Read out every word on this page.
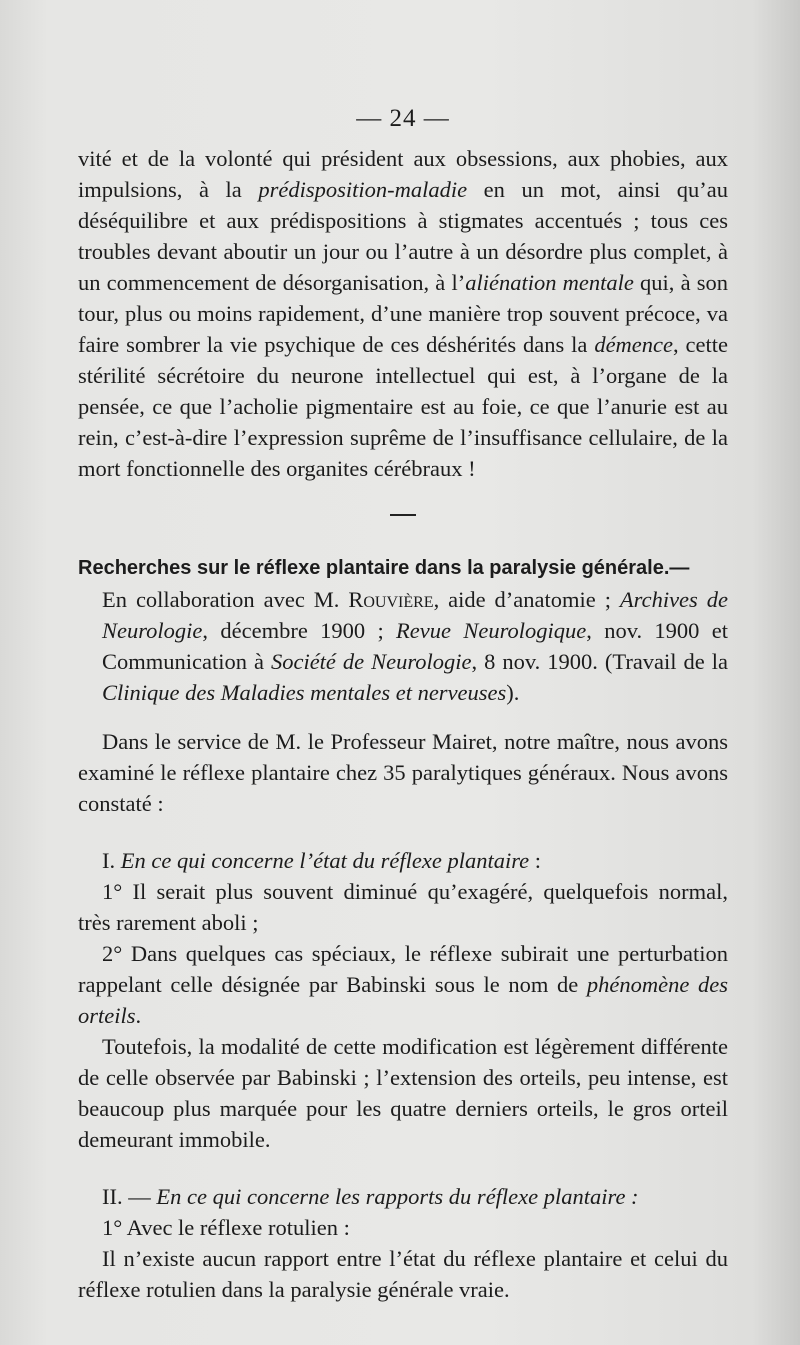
— 24 —

vité et de la volonté qui président aux obsessions, aux phobies, aux impulsions, à la prédisposition-maladie en un mot, ainsi qu’au déséquilibre et aux prédispositions à stigmates accentués ; tous ces troubles devant aboutir un jour ou l’autre à un désordre plus complet, à un commencement de désorganisation, à l’aliénation mentale qui, à son tour, plus ou moins rapidement, d’une manière trop souvent précoce, va faire sombrer la vie psychique de ces déshérités dans la démence, cette stérilité sécrétoire du neurone intellectuel qui est, à l’organe de la pensée, ce que l’acholie pigmentaire est au foie, ce que l’anurie est au rein, c’est-à-dire l’expression suprême de l’insuffisance cellulaire, de la mort fonctionnelle des organites cérébraux !

Recherches sur le réflexe plantaire dans la paralysie générale.—

En collaboration avec M. Rouvière, aide d’anatomie ; Archives de Neurologie, décembre 1900 ; Revue Neurologique, nov. 1900 et Communication à Société de Neurologie, 8 nov. 1900. (Travail de la Clinique des Maladies mentales et nerveuses).

Dans le service de M. le Professeur Mairet, notre maître, nous avons examiné le réflexe plantaire chez 35 paralytiques généraux. Nous avons constaté :

I. En ce qui concerne l’état du réflexe plantaire :

1° Il serait plus souvent diminué qu’exagéré, quelquefois normal, très rarement aboli ;

2° Dans quelques cas spéciaux, le réflexe subirait une perturbation rappelant celle désignée par Babinski sous le nom de phénomène des orteils.

Toutefois, la modalité de cette modification est légèrement différente de celle observée par Babinski ; l’extension des orteils, peu intense, est beaucoup plus marquée pour les quatre derniers orteils, le gros orteil demeurant immobile.

II. — En ce qui concerne les rapports du réflexe plantaire :

1° Avec le réflexe rotulien :

Il n’existe aucun rapport entre l’état du réflexe plantaire et celui du réflexe rotulien dans la paralysie générale vraie.
